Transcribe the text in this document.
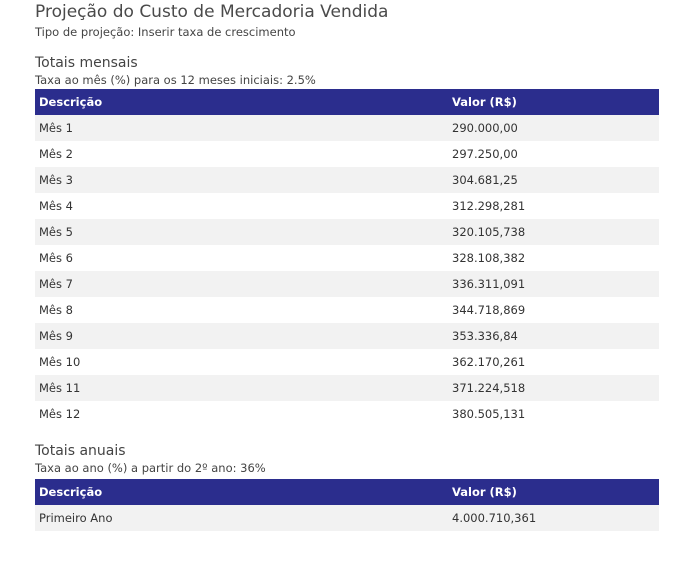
Projeção do Custo de Mercadoria Vendida
Tipo de projeção: Inserir taxa de crescimento
Totais mensais
Taxa ao mês (%) para os 12 meses iniciais: 2.5%
Descrição	Valor (R$)
Mês 1	290.000,00
Mês 2	297.250,00
Mês 3	304.681,25
Mês 4	312.298,281
Mês 5	320.105,738
Mês 6	328.108,382
Mês 7	336.311,091
Mês 8	344.718,869
Mês 9	353.336,84
Mês 10	362.170,261
Mês 11	371.224,518
Mês 12	380.505,131
Totais anuais
Taxa ao ano (%) a partir do 2º ano: 36%
Descrição	Valor (R$)
Primeiro Ano	4.000.710,361
